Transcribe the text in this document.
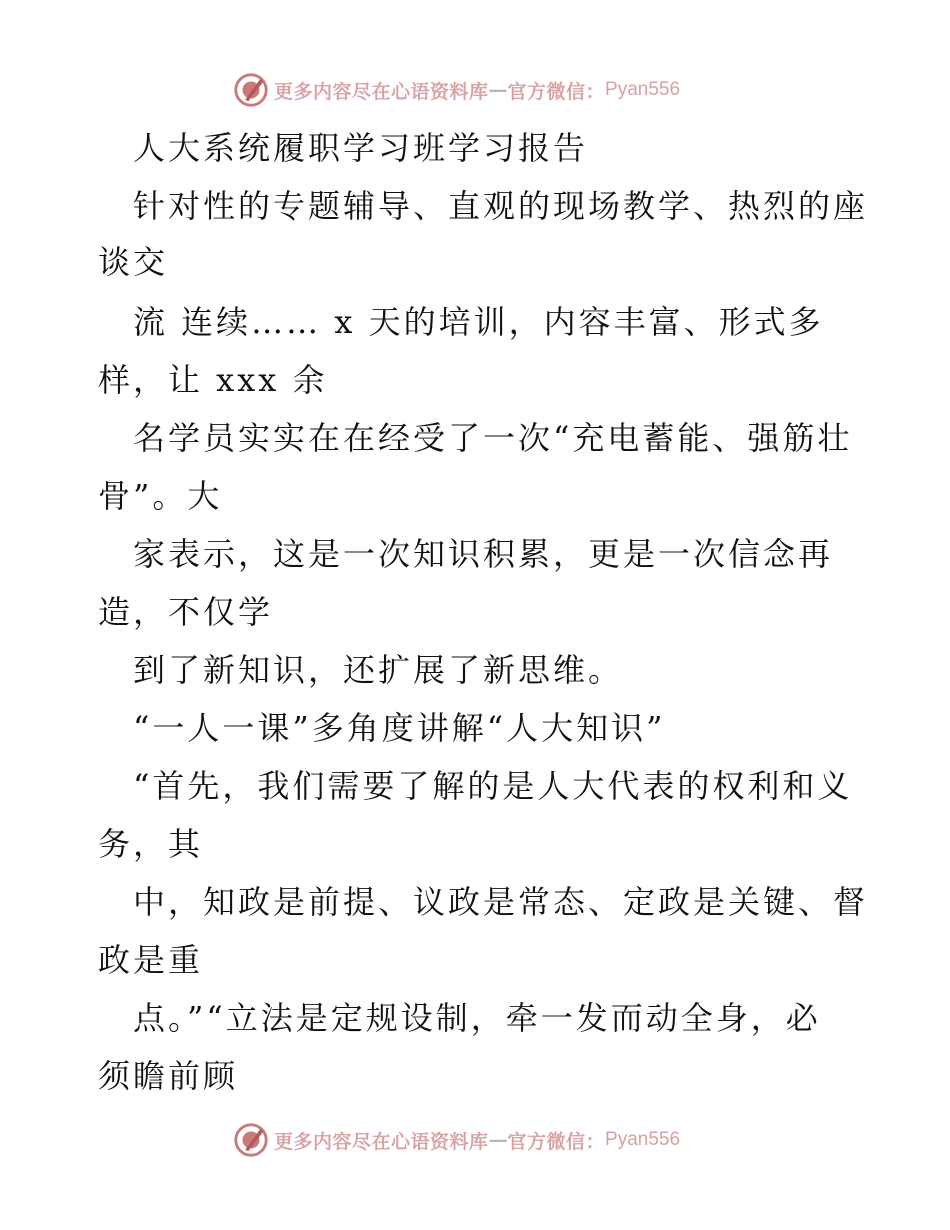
更多内容尽在心语资料库 — 官方微信： Pyan556
人大系统履职学习班学习报告
针对性的专题辅导、直观的现场教学、热烈的座
谈交
流 连续…… x 天的培训，内容丰富、形式多
样，让 xxx 余
名学员实实在在经受了一次“充电蓄能、强筋壮
骨”。大
家表示，这是一次知识积累，更是一次信念再
造，不仅学
到了新知识，还扩展了新思维。
“一人一课”多角度讲解“人大知识”
“首先，我们需要了解的是人大代表的权利和义
务，其
中，知政是前提、议政是常态、定政是关键、督
政是重
点。”“立法是定规设制，牵一发而动全身，必
须瞻前顾
更多内容尽在心语资料库 — 官方微信： Pyan556
